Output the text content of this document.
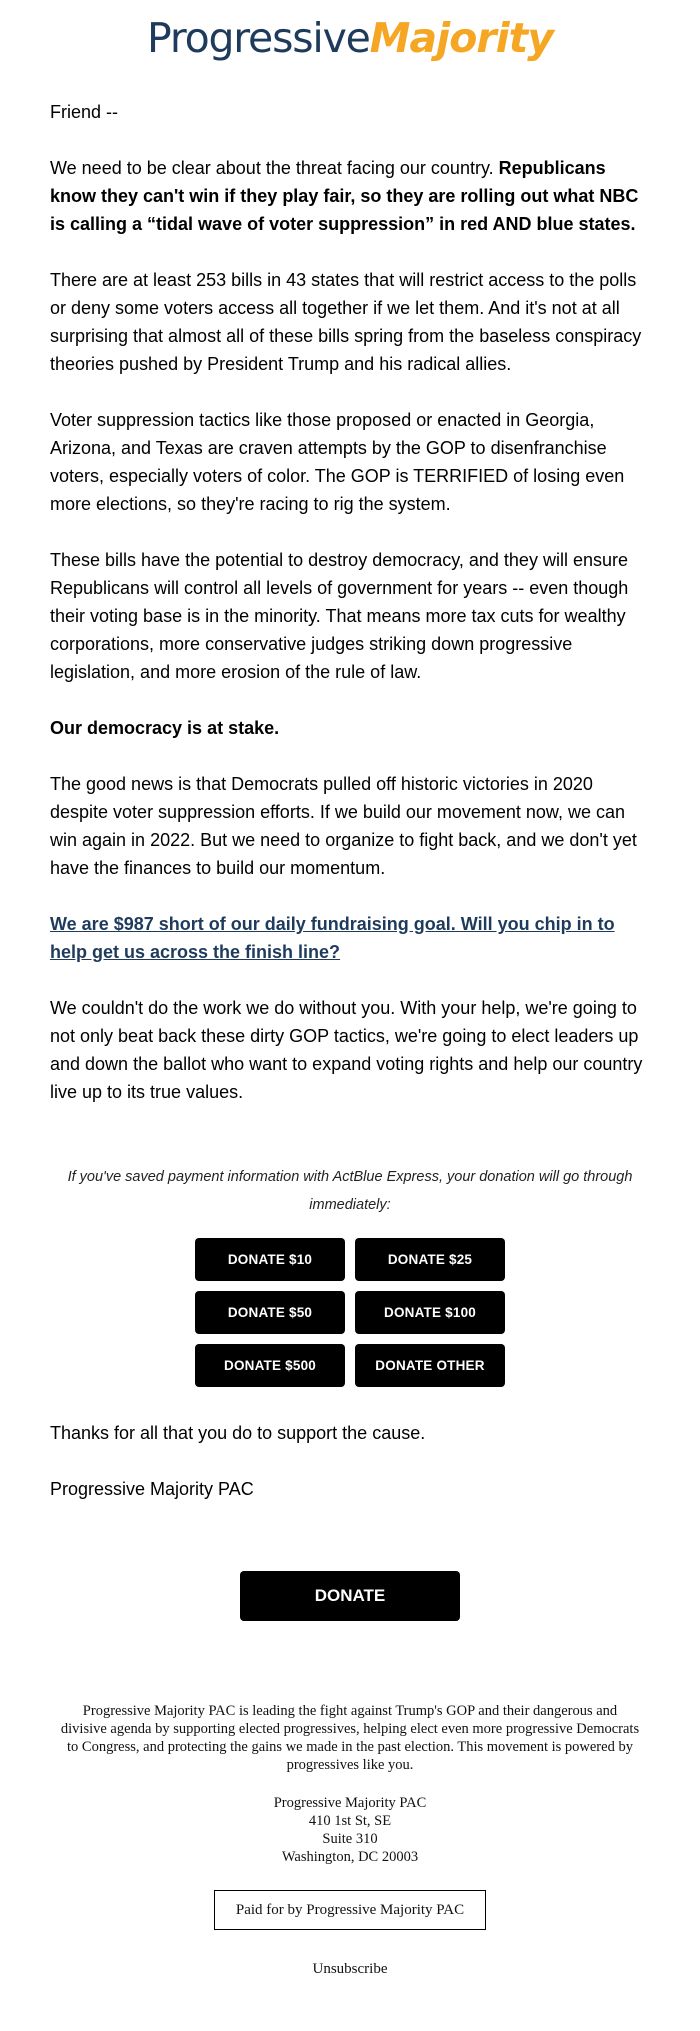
ProgressiveMajority

Friend --

We need to be clear about the threat facing our country. Republicans know they can't win if they play fair, so they are rolling out what NBC is calling a “tidal wave of voter suppression” in red AND blue states.

There are at least 253 bills in 43 states that will restrict access to the polls or deny some voters access all together if we let them. And it's not at all surprising that almost all of these bills spring from the baseless conspiracy theories pushed by President Trump and his radical allies.

Voter suppression tactics like those proposed or enacted in Georgia, Arizona, and Texas are craven attempts by the GOP to disenfranchise voters, especially voters of color. The GOP is TERRIFIED of losing even more elections, so they're racing to rig the system.

These bills have the potential to destroy democracy, and they will ensure Republicans will control all levels of government for years -- even though their voting base is in the minority. That means more tax cuts for wealthy corporations, more conservative judges striking down progressive legislation, and more erosion of the rule of law.

Our democracy is at stake.

The good news is that Democrats pulled off historic victories in 2020 despite voter suppression efforts. If we build our movement now, we can win again in 2022. But we need to organize to fight back, and we don't yet have the finances to build our momentum.

We are $987 short of our daily fundraising goal. Will you chip in to help get us across the finish line?

We couldn't do the work we do without you. With your help, we're going to not only beat back these dirty GOP tactics, we're going to elect leaders up and down the ballot who want to expand voting rights and help our country live up to its true values.

If you've saved payment information with ActBlue Express, your donation will go through immediately:
DONATE $10	DONATE $25
DONATE $50	DONATE $100
DONATE $500	DONATE OTHER

Thanks for all that you do to support the cause.

Progressive Majority PAC

DONATE

Progressive Majority PAC is leading the fight against Trump's GOP and their dangerous and divisive agenda by supporting elected progressives, helping elect even more progressive Democrats to Congress, and protecting the gains we made in the past election. This movement is powered by progressives like you.

Progressive Majority PAC
410 1st St, SE
Suite 310
Washington, DC 20003
Paid for by Progressive Majority PAC
Unsubscribe
